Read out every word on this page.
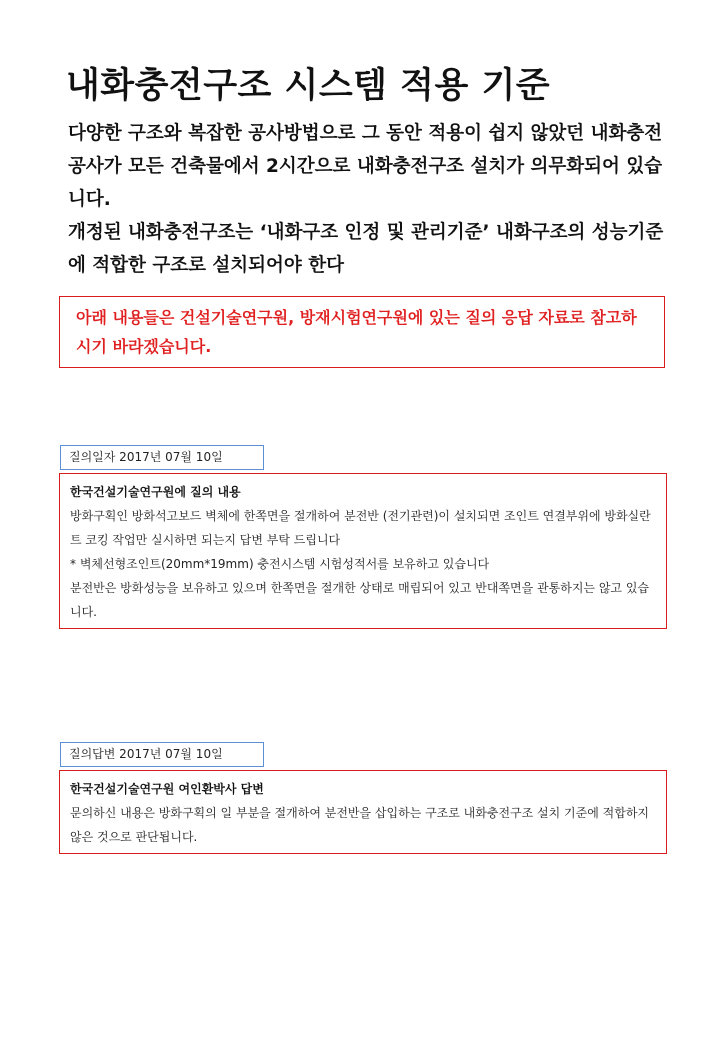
내화충전구조 시스템 적용 기준

다양한 구조와 복잡한 공사방법으로 그 동안 적용이 쉽지 않았던 내화충전공사가 모든 건축물에서 2시간으로 내화충전구조 설치가 의무화되어 있습니다.

개정된 내화충전구조는 ‘내화구조 인정 및 관리기준’ 내화구조의 성능기준에 적합한 구조로 설치되어야 한다

아래 내용들은 건설기술연구원, 방재시험연구원에 있는 질의 응답 자료로 참고하시기 바라겠습니다.
질의일자 2017년 07월 10일

한국건설기술연구원에 질의 내용

방화구획인 방화석고보드 벽체에 한쪽면을 절개하여 분전반 (전기관련)이 설치되면 조인트 연결부위에 방화실란트 코킹 작업만 실시하면 되는지 답변 부탁 드립니다

* 벽체선형조인트(20mm*19mm) 충전시스템 시험성적서를 보유하고 있습니다

분전반은 방화성능을 보유하고 있으며 한쪽면을 절개한 상태로 매립되어 있고 반대쪽면을 관통하지는 않고 있습니다.

질의답변 2017년 07월 10일

한국건설기술연구원 여인환박사 답변

문의하신 내용은 방화구획의 일 부분을 절개하여 분전반을 삽입하는 구조로 내화충전구조 설치 기준에 적합하지 않은 것으로 판단됩니다.
